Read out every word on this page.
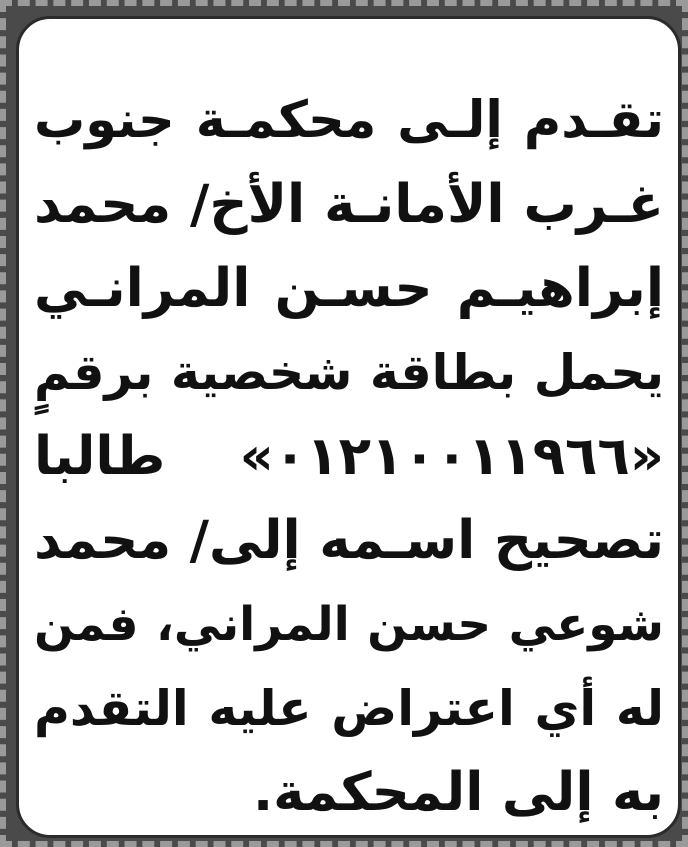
تقـدم إلـى محكمـة جنوب
غـرب الأمانـة الأخ/ محمد
إبراهيـم حسـن المرانـي
يحمل بطاقة شخصية برقمٍ
«٠١٢١٠٠١١٩٦٦» طالبا
تصحيح اسـمه إلى/ محمد
شوعي حسن المراني، فمن
له أي اعتراض عليه التقدم
به إلى المحكمة.
